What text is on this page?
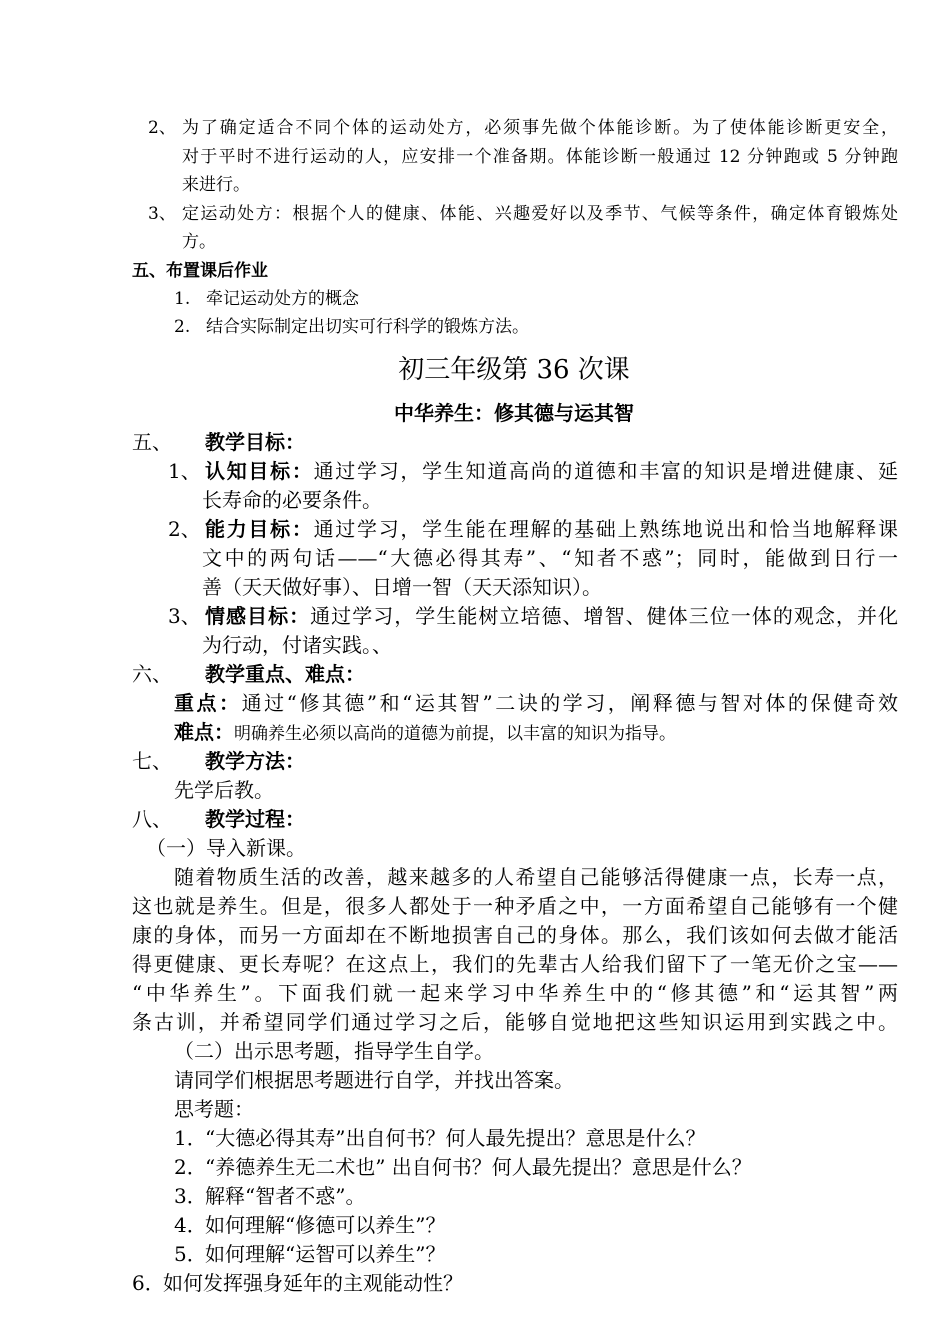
2、 为了确定适合不同个体的运动处方，必须事先做个体能诊断。为了使体能诊断更安全，
对于平时不进行运动的人，应安排一个准备期。体能诊断一般通过 12 分钟跑或 5 分钟跑
来进行。
3、 定运动处方：根据个人的健康、体能、兴趣爱好以及季节、气候等条件，确定体育锻炼处
方。
五、布置课后作业
1. 牵记运动处方的概念
2. 结合实际制定出切实可行科学的锻炼方法。
初三年级第 36 次课
中华养生：修其德与运其智
五、 教学目标：
1、 认知目标：通过学习，学生知道高尚的道德和丰富的知识是增进健康、延
长寿命的必要条件。
2、 能力目标：通过学习，学生能在理解的基础上熟练地说出和恰当地解释课
文中的两句话——“大德必得其寿”、“知者不惑”；同时，能做到日行一
善（天天做好事）、日增一智（天天添知识）。
3、 情感目标：通过学习，学生能树立培德、增智、健体三位一体的观念，并化
为行动，付诸实践。、
六、 教学重点、难点：
重点：通过“修其德”和“运其智”二诀的学习，阐释德与智对体的保健奇效
难点：明确养生必须以高尚的道德为前提，以丰富的知识为指导。
七、 教学方法：
先学后教。
八、 教学过程：
（一）导入新课。
随着物质生活的改善，越来越多的人希望自己能够活得健康一点，长寿一点，
这也就是养生。但是，很多人都处于一种矛盾之中，一方面希望自己能够有一个健
康的身体，而另一方面却在不断地损害自己的身体。那么，我们该如何去做才能活
得更健康、更长寿呢？在这点上，我们的先辈古人给我们留下了一笔无价之宝——
“中华养生”。下面我们就一起来学习中华养生中的“修其德”和“运其智”两
条古训，并希望同学们通过学习之后，能够自觉地把这些知识运用到实践之中。
（二）出示思考题，指导学生自学。
请同学们根据思考题进行自学，并找出答案。
思考题：
1．
“大德必得其寿”出自何书？何人最先提出？意思是什么？
2．
“养德养生无二术也” 出自何书？何人最先提出？意思是什么？
3．
解释“智者不惑”。
4．
如何理解“修德可以养生”？
5．
如何理解“运智可以养生”？
6．
如何发挥强身延年的主观能动性？
